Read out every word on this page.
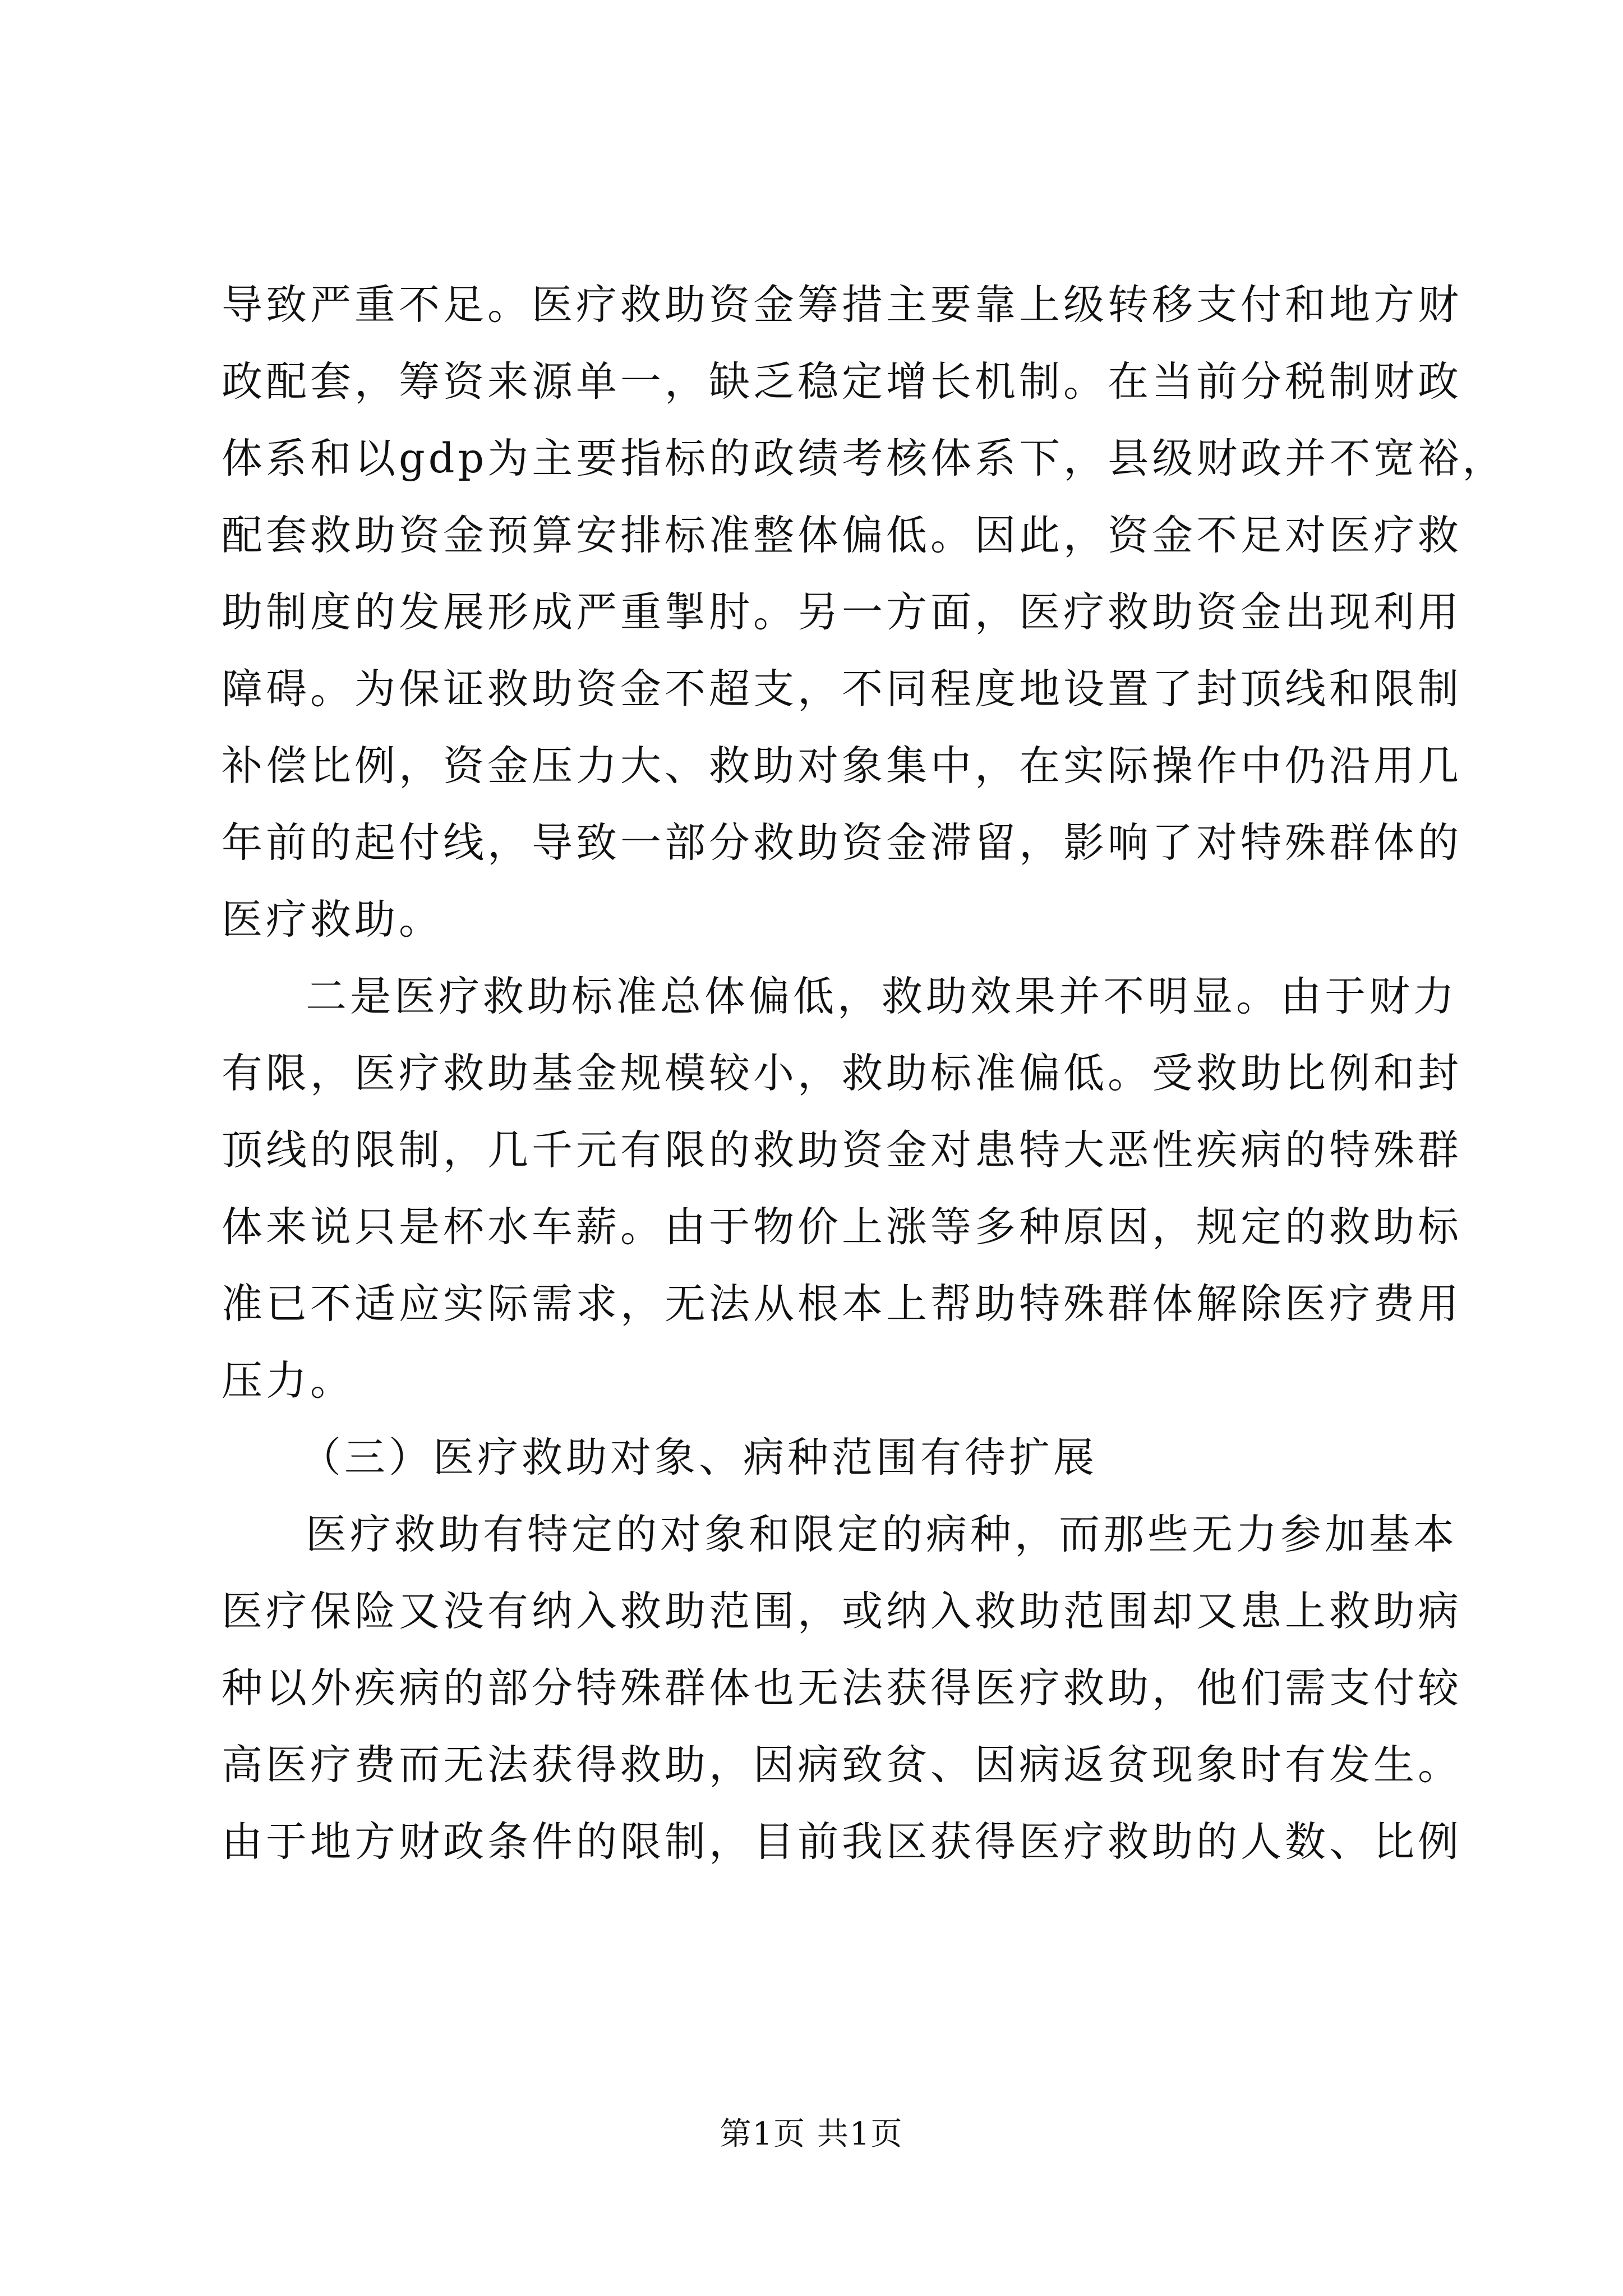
导致严重不足。医疗救助资金筹措主要靠上级转移支付和地方财
政配套，筹资来源单一，缺乏稳定增长机制。在当前分税制财政
体系和以gdp为主要指标的政绩考核体系下，县级财政并不宽裕，
配套救助资金预算安排标准整体偏低。因此，资金不足对医疗救
助制度的发展形成严重掣肘。另一方面，医疗救助资金出现利用
障碍。为保证救助资金不超支，不同程度地设置了封顶线和限制
补偿比例，资金压力大、救助对象集中，在实际操作中仍沿用几
年前的起付线，导致一部分救助资金滞留，影响了对特殊群体的
医疗救助。
二是医疗救助标准总体偏低，救助效果并不明显。由于财力
有限，医疗救助基金规模较小，救助标准偏低。受救助比例和封
顶线的限制，几千元有限的救助资金对患特大恶性疾病的特殊群
体来说只是杯水车薪。由于物价上涨等多种原因，规定的救助标
准已不适应实际需求，无法从根本上帮助特殊群体解除医疗费用
压力。
（三）医疗救助对象、病种范围有待扩展
医疗救助有特定的对象和限定的病种，而那些无力参加基本
医疗保险又没有纳入救助范围，或纳入救助范围却又患上救助病
种以外疾病的部分特殊群体也无法获得医疗救助，他们需支付较
高医疗费而无法获得救助，因病致贫、因病返贫现象时有发生。
由于地方财政条件的限制，目前我区获得医疗救助的人数、比例
第1页 共1页
